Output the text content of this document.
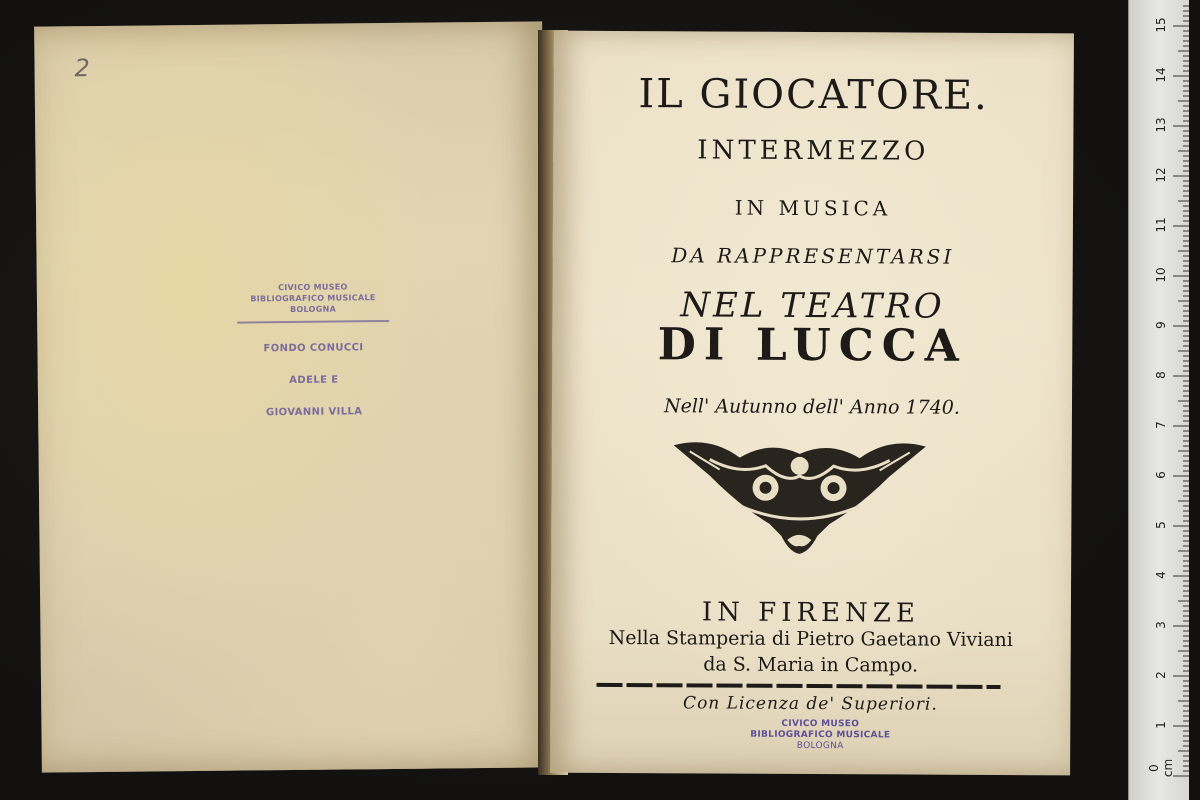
2
CIVICO MUSEO
BIBLIOGRAFICO MUSICALE
BOLOGNA
FONDO CONUCCI
ADELE E
GIOVANNI VILLA

IL GIOCATORE.
INTERMEZZO
IN MUSICA
DA RAPPRESENTARSI
NEL TEATRO
DI LUCCA
Nell' Autunno dell' Anno 1740.
IN FIRENZE
Nella Stamperia di Pietro Gaetano Viviani
da S. Maria in Campo.
Con Licenza de' Superiori.
CIVICO MUSEO
BIBLIOGRAFICO MUSICALE
BOLOGNA
0 cm
1
2
3
4
5
6
7
8
9
10
11
12
13
14
15
